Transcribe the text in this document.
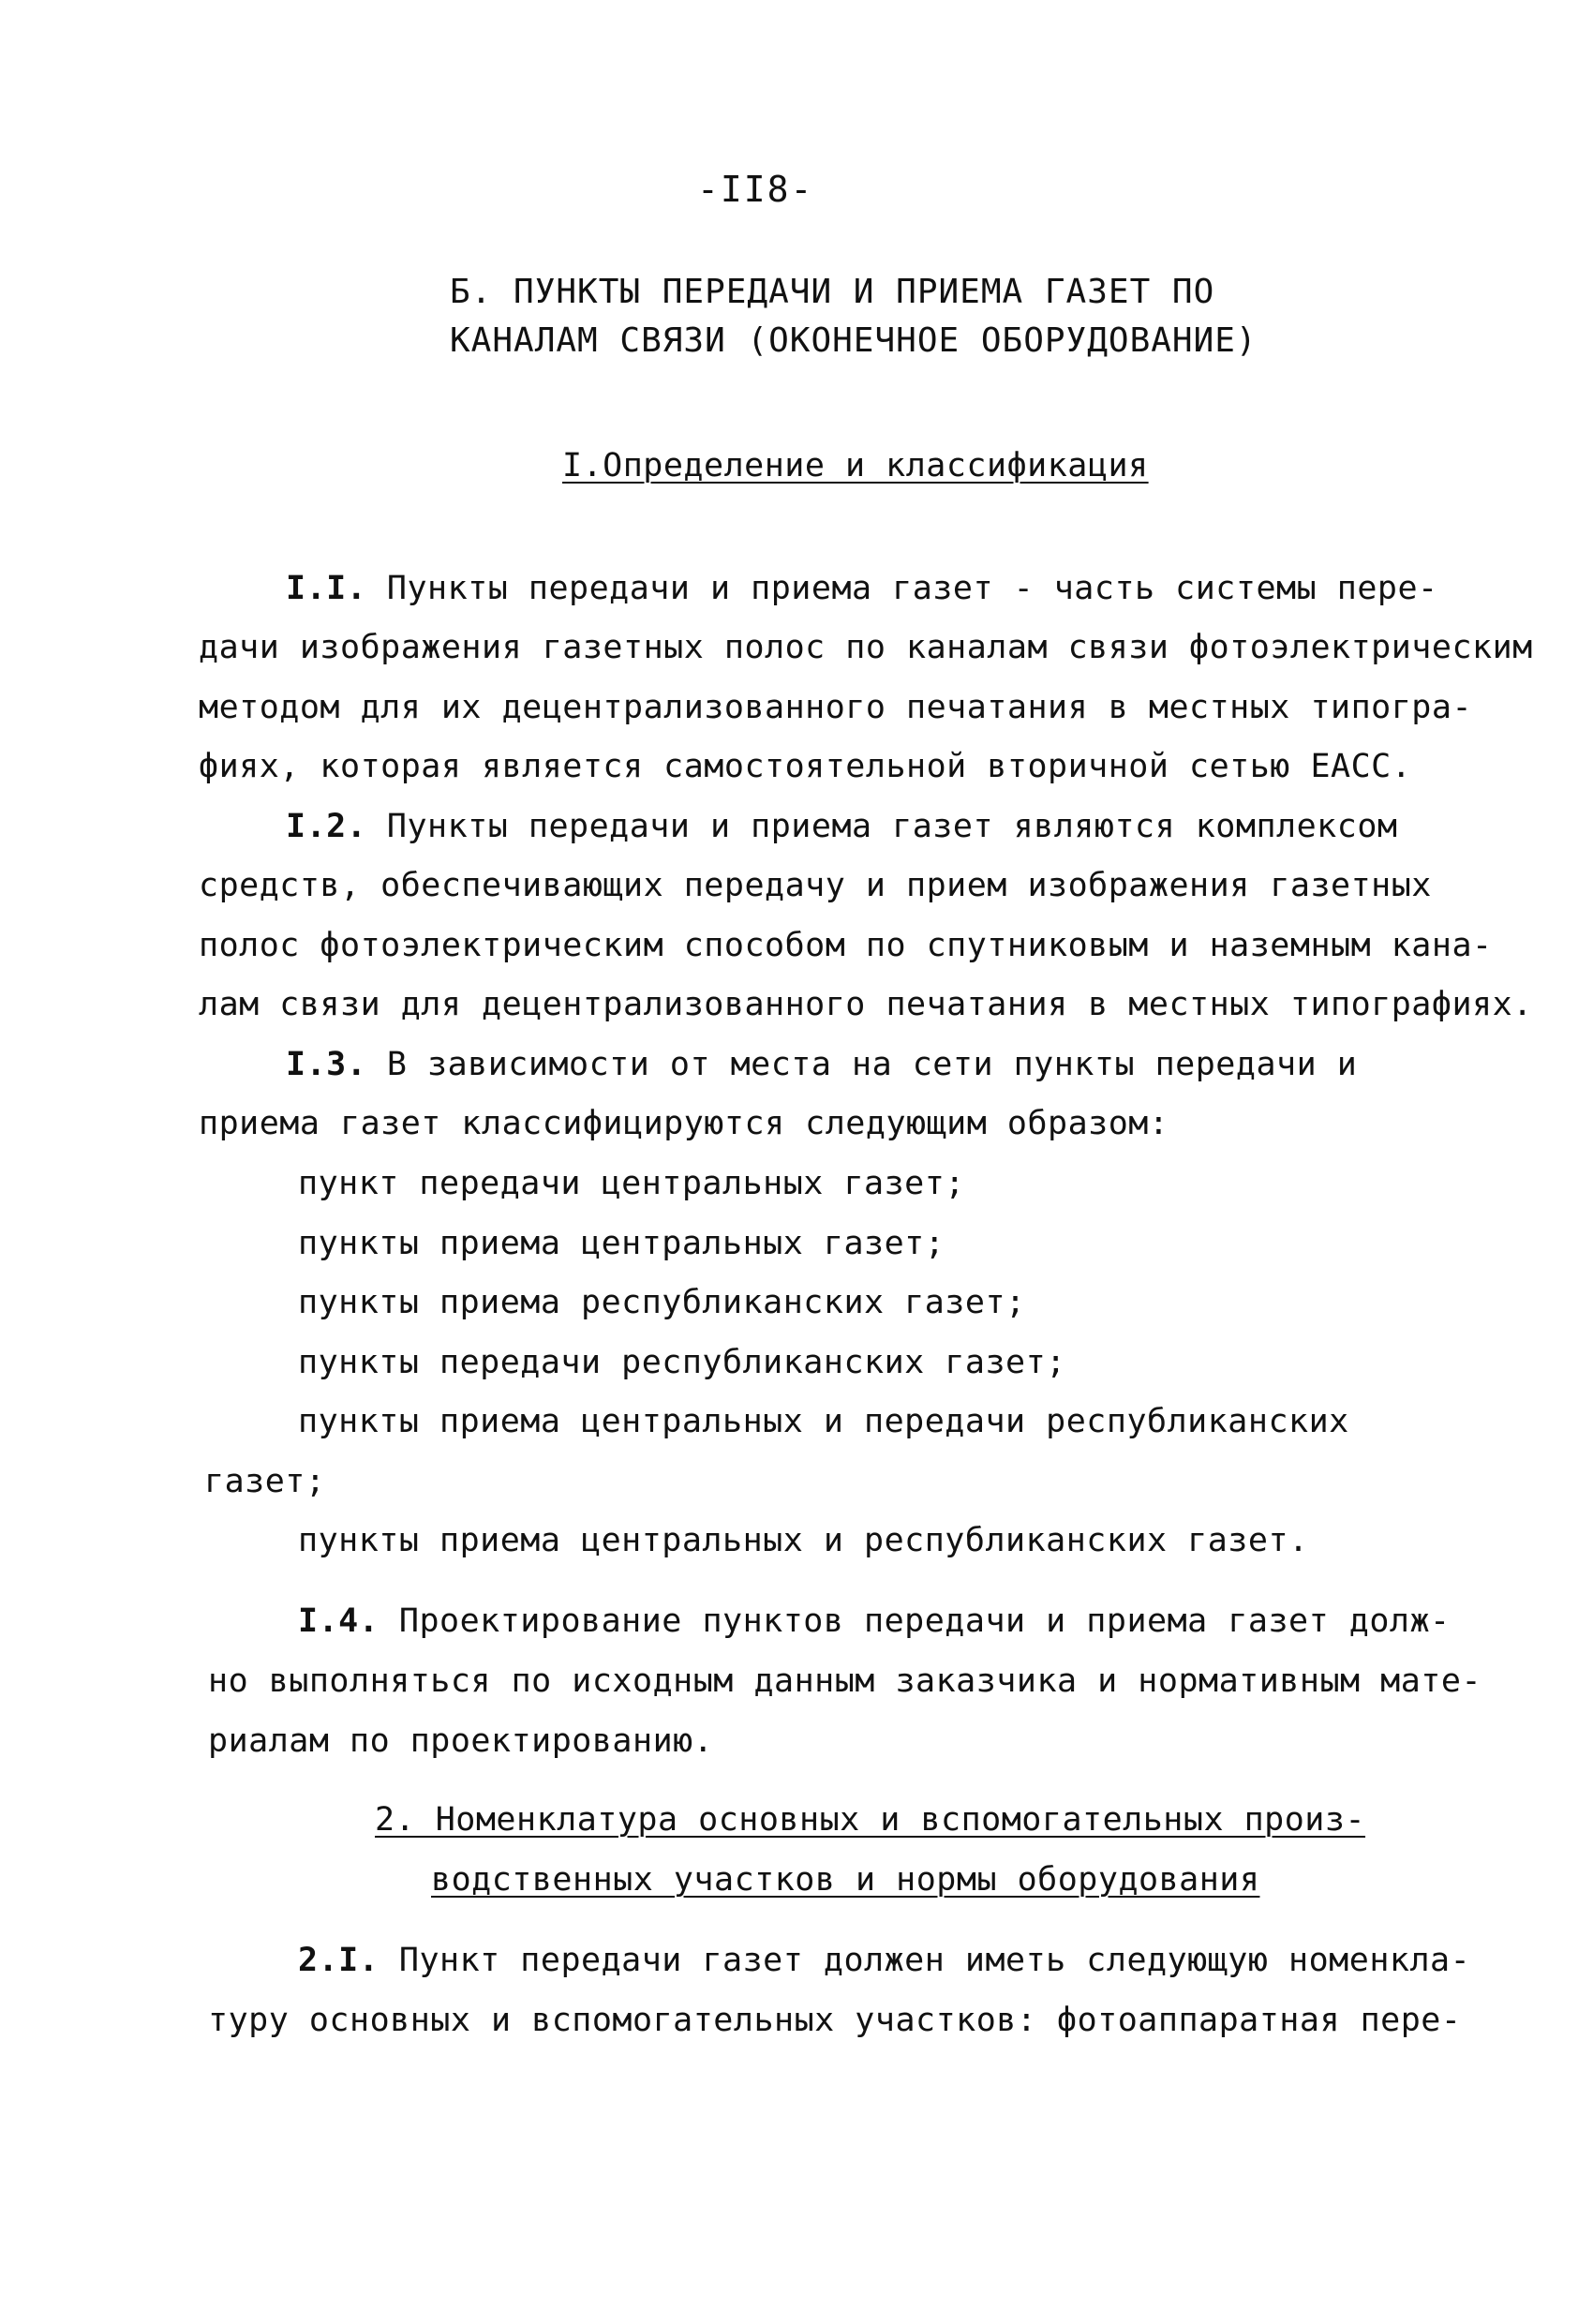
-II8-
Б. ПУНКТЫ ПЕРЕДАЧИ И ПРИЕМА ГАЗЕТ ПО
КАНАЛАМ СВЯЗИ (ОКОНЕЧНОЕ ОБОРУДОВАНИЕ)
I.Определение и классификация
I.I. Пункты передачи и приема газет - часть системы пере-
дачи изображения газетных полос по каналам связи фотоэлектрическим
методом для их децентрализованного печатания в местных типогра-
фиях, которая является самостоятельной вторичной сетью ЕАСС.
I.2. Пункты передачи и приема газет являются комплексом
средств, обеспечивающих передачу и прием изображения газетных
полос фотоэлектрическим способом по спутниковым и наземным кана-
лам связи для децентрализованного печатания в местных типографиях.
I.3. В зависимости от места на сети пункты передачи и
приема газет классифицируются следующим образом:
пункт передачи центральных газет;
пункты приема центральных газет;
пункты приема республиканских газет;
пункты передачи республиканских газет;
пункты приема центральных и передачи республиканских
газет;
пункты приема центральных и республиканских газет.
I.4. Проектирование пунктов передачи и приема газет долж-
но выполняться по исходным данным заказчика и нормативным мате-
риалам по проектированию.
2. Номенклатура основных и вспомогательных произ-
водственных участков и нормы оборудования
2.I. Пункт передачи газет должен иметь следующую номенкла-
туру основных и вспомогательных участков: фотоаппаратная пере-
